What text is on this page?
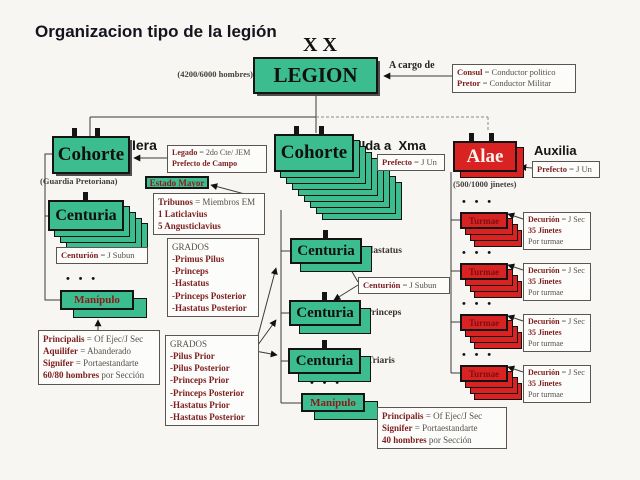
Organizacion tipo de la legión
X X
LEGION
(4200/6000 hombres)
A cargo de
Consul = Conductor politico
Pretor = Conductor Militar
Cohorte Iera Legado = 2do Cte/ JEM
Prefecto de Campo
(Guardia Pretoriana)	Estado Mayor
Tribunos = Miembros EM
1 Laticlavius
5 Angusticlavius
Centuria
Centurión = J Subun
GRADOS
-Primus Pilus
-Princeps
-Hastatus
-Princeps Posterior
-Hastatus Posterior
• • •
Manípulo
Principalis = Of Ejec/J Sec
Aquilifer = Abanderado
Signifer = Portaestandarte
60/80 hombres por Sección
Cohorte IIda a  Xma
Prefecto = J Un
Centuria	Hastatus
Centurión = J Subun
Centuria	Princeps
Centuria	Triaris
GRADOS
-Pilus Prior
-Pilus Posterior
-Princeps Prior
-Princeps Posterior
-Hastatus Prior
-Hastatus Posterior
• • •
Manípulo
Principalis = Of Ejec/J Sec
Signifer = Portaestandarte
40 hombres por Sección
Alae	Auxilia
Prefecto = J Un
(500/1000 jinetes)
• • •
Turmae	Decurión = J Sec
35 Jinetes
Por turmae
• • •
Turmae	Decurión = J Sec
35 Jinetes
Por turmae
• • •
Turmae	Decurión = J Sec
35 Jinetes
Por turmae
• • •
Turmae	Decurión = J Sec
35 Jinetes
Por turmae
